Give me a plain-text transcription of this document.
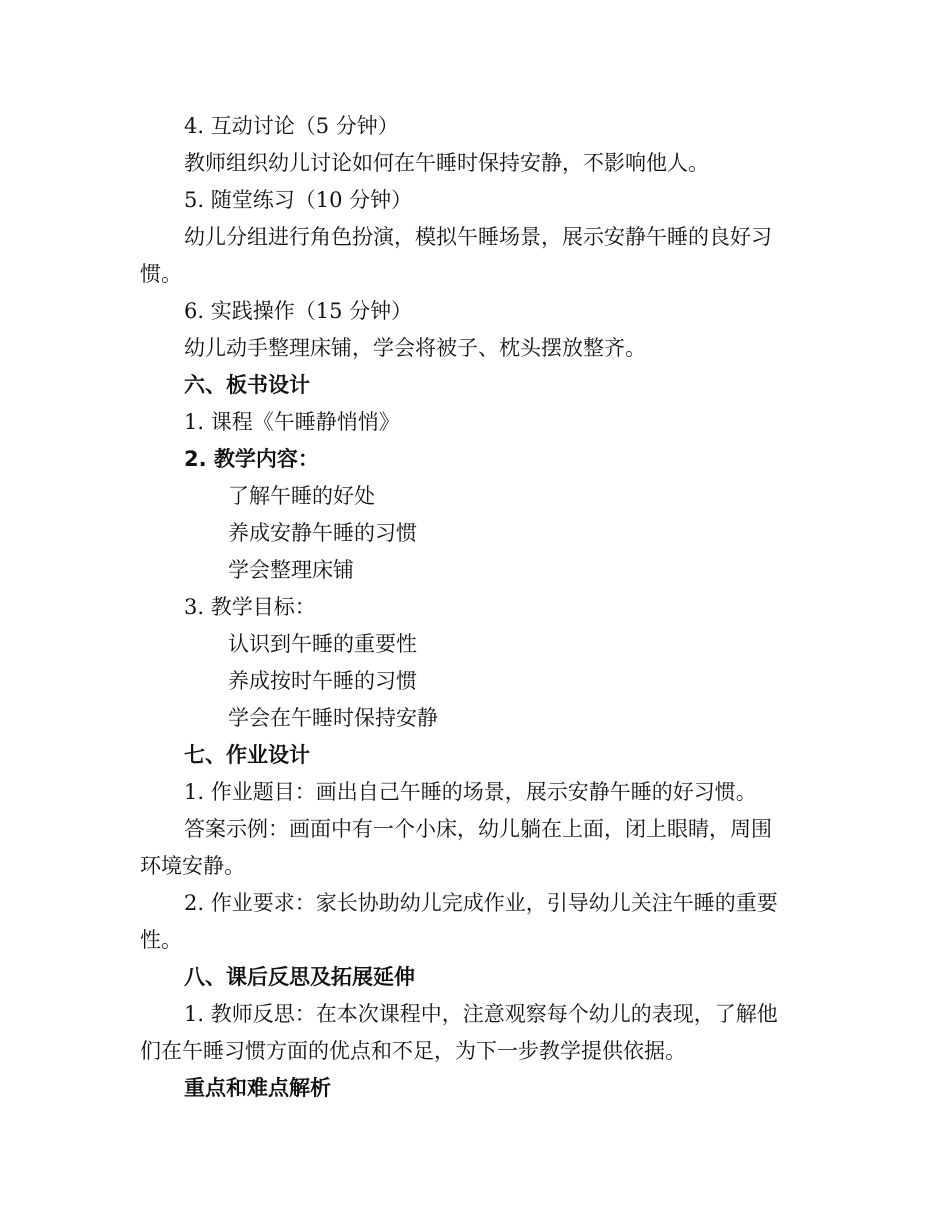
4. 互动讨论（5 分钟）
教师组织幼儿讨论如何在午睡时保持安静，不影响他人。
5. 随堂练习（10 分钟）
幼儿分组进行角色扮演，模拟午睡场景，展示安静午睡的良好习
惯。
6. 实践操作（15 分钟）
幼儿动手整理床铺，学会将被子、枕头摆放整齐。
六、板书设计
1. 课程《午睡静悄悄》
2. 教学内容：
了解午睡的好处
养成安静午睡的习惯
学会整理床铺
3. 教学目标：
认识到午睡的重要性
养成按时午睡的习惯
学会在午睡时保持安静
七、作业设计
1. 作业题目：画出自己午睡的场景，展示安静午睡的好习惯。
答案示例：画面中有一个小床，幼儿躺在上面，闭上眼睛，周围
环境安静。
2. 作业要求：家长协助幼儿完成作业，引导幼儿关注午睡的重要
性。
八、课后反思及拓展延伸
1. 教师反思：在本次课程中，注意观察每个幼儿的表现，了解他
们在午睡习惯方面的优点和不足，为下一步教学提供依据。
重点和难点解析
